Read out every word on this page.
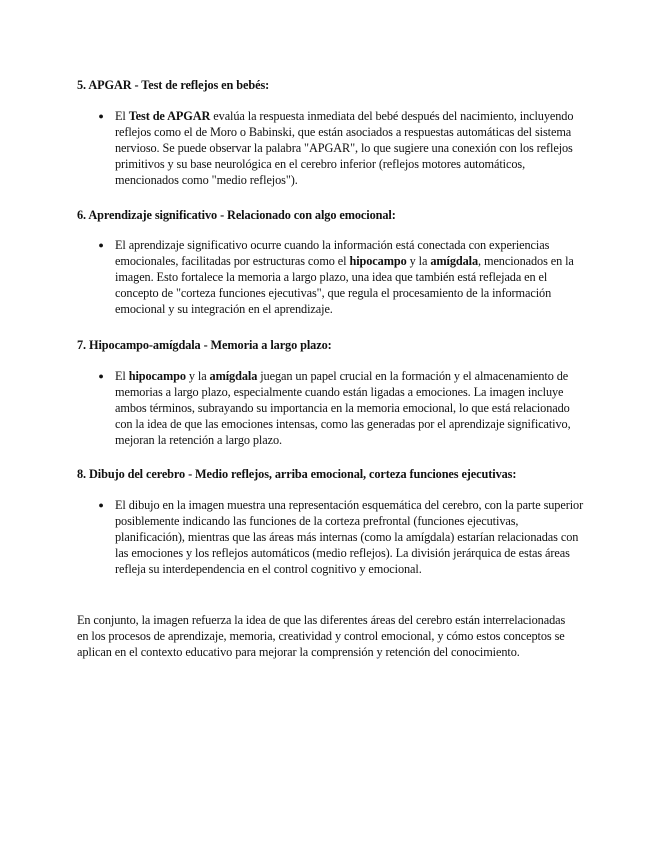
5. APGAR - Test de reflejos en bebés:

● El Test de APGAR evalúa la respuesta inmediata del bebé después del nacimiento, incluyendo reflejos como el de Moro o Babinski, que están asociados a respuestas automáticas del sistema nervioso. Se puede observar la palabra "APGAR", lo que sugiere una conexión con los reflejos primitivos y su base neurológica en el cerebro inferior (reflejos motores automáticos, mencionados como "medio reflejos").

6. Aprendizaje significativo - Relacionado con algo emocional:

● El aprendizaje significativo ocurre cuando la información está conectada con experiencias emocionales, facilitadas por estructuras como el hipocampo y la amígdala, mencionados en la imagen. Esto fortalece la memoria a largo plazo, una idea que también está reflejada en el concepto de "corteza funciones ejecutivas", que regula el procesamiento de la información emocional y su integración en el aprendizaje.

7. Hipocampo-amígdala - Memoria a largo plazo:

● El hipocampo y la amígdala juegan un papel crucial en la formación y el almacenamiento de memorias a largo plazo, especialmente cuando están ligadas a emociones. La imagen incluye ambos términos, subrayando su importancia en la memoria emocional, lo que está relacionado con la idea de que las emociones intensas, como las generadas por el aprendizaje significativo, mejoran la retención a largo plazo.

8. Dibujo del cerebro - Medio reflejos, arriba emocional, corteza funciones ejecutivas:

● El dibujo en la imagen muestra una representación esquemática del cerebro, con la parte superior posiblemente indicando las funciones de la corteza prefrontal (funciones ejecutivas, planificación), mientras que las áreas más internas (como la amígdala) estarían relacionadas con las emociones y los reflejos automáticos (medio reflejos). La división jerárquica de estas áreas refleja su interdependencia en el control cognitivo y emocional.

En conjunto, la imagen refuerza la idea de que las diferentes áreas del cerebro están interrelacionadas en los procesos de aprendizaje, memoria, creatividad y control emocional, y cómo estos conceptos se aplican en el contexto educativo para mejorar la comprensión y retención del conocimiento.
